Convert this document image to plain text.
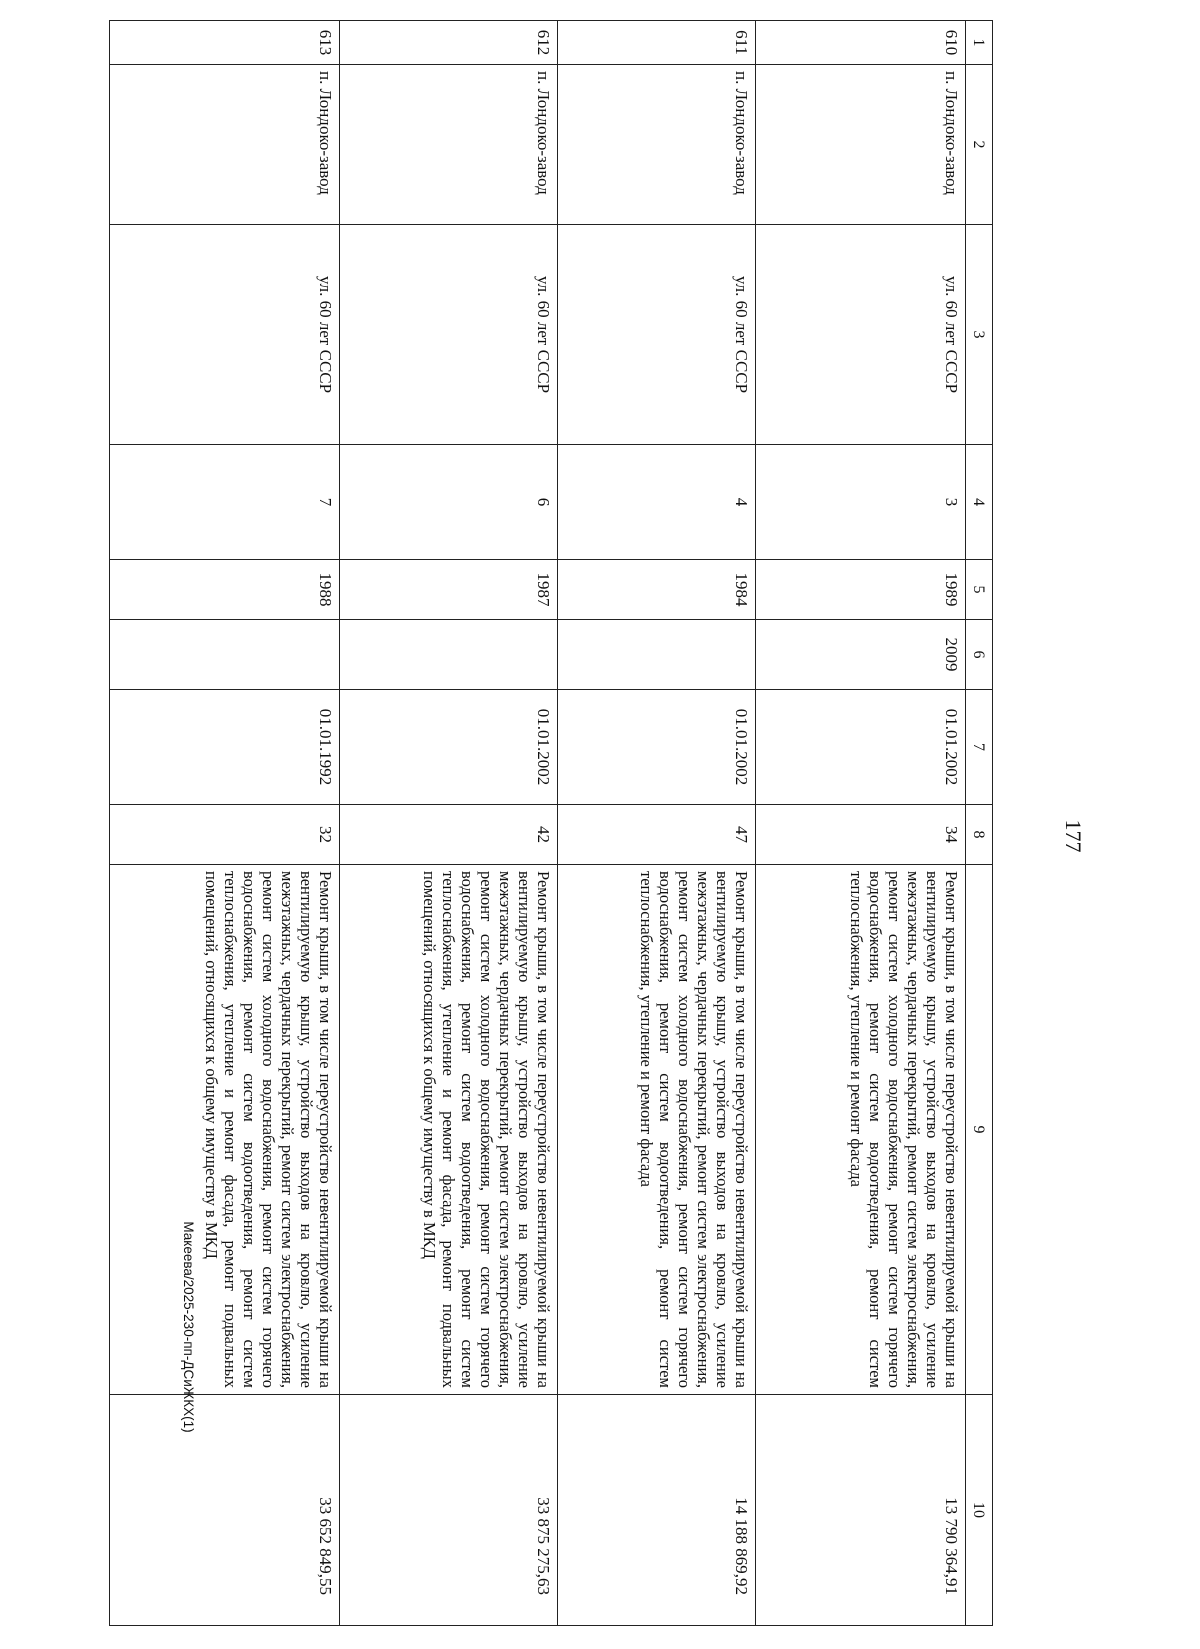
177
1	2	3	4	5	6	7	8	9	10
610	п. Лондоко-завод	ул. 60 лет СССР	3	1989	2009	01.01.2002	34	Ремонт крыши, в том числе переустройство невентилируемой крыши на вентилируемую крышу, устройство выходов на кровлю, усиление межэтажных, чердачных перекрытий, ремонт систем электроснабжения, ремонт систем холодного водоснабжения, ремонт систем горячего водоснабжения, ремонт систем водоотведения, ремонт систем теплоснабжения, утепление и ремонт фасада	13 790 364,91
611	п. Лондоко-завод	ул. 60 лет СССР	4	1984		01.01.2002	47	Ремонт крыши, в том числе переустройство невентилируемой крыши на вентилируемую крышу, устройство выходов на кровлю, усиление межэтажных, чердачных перекрытий, ремонт систем электроснабжения, ремонт систем холодного водоснабжения, ремонт систем горячего водоснабжения, ремонт систем водоотведения, ремонт систем теплоснабжения, утепление и ремонт фасада	14 188 869,92
612	п. Лондоко-завод	ул. 60 лет СССР	6	1987		01.01.2002	42	Ремонт крыши, в том числе переустройство невентилируемой крыши на вентилируемую крышу, устройство выходов на кровлю, усиление межэтажных, чердачных перекрытий, ремонт систем электроснабжения, ремонт систем холодного водоснабжения, ремонт систем горячего водоснабжения, ремонт систем водоотведения, ремонт систем теплоснабжения, утепление и ремонт фасада, ремонт подвальных помещений, относящихся к общему имуществу в МКД	33 875 275,63
613	п. Лондоко-завод	ул. 60 лет СССР	7	1988		01.01.1992	32	Ремонт крыши, в том числе переустройство невентилируемой крыши на вентилируемую крышу, устройство выходов на кровлю, усиление межэтажных, чердачных перекрытий, ремонт систем электроснабжения, ремонт систем холодного водоснабжения, ремонт систем горячего водоснабжения, ремонт систем водоотведения, ремонт систем теплоснабжения, утепление и ремонт фасада, ремонт подвальных помещений, относящихся к общему имуществу в МКД	33 652 849,55
Макеева/2025-230-пп-ДСиЖКХ(1)
